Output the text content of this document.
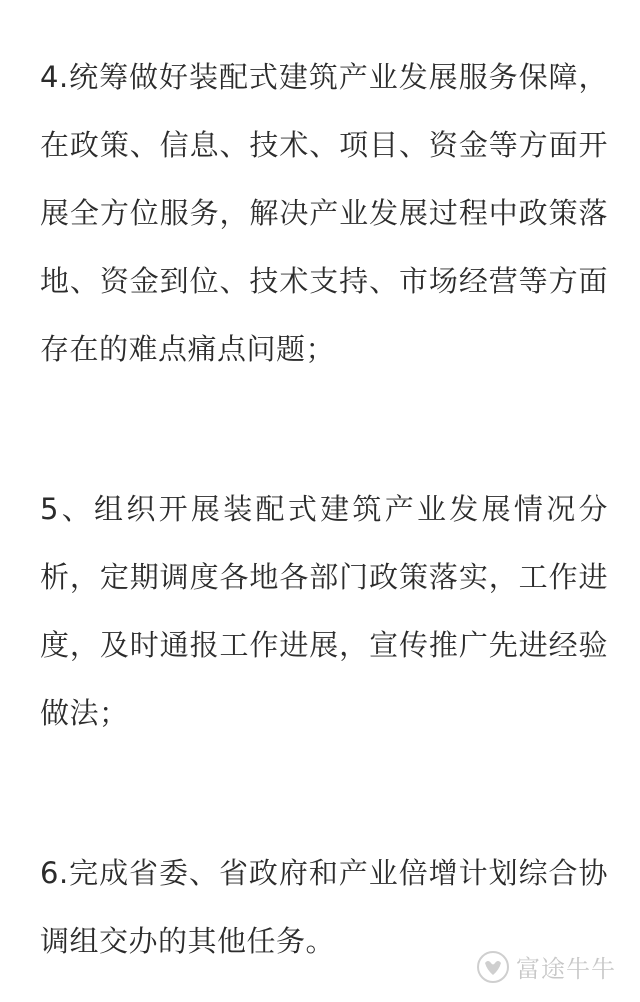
4.统筹做好装配式建筑产业发展服务保障，在政策、信息、技术、项目、资金等方面开展全方位服务，解决产业发展过程中政策落地、资金到位、技术支持、市场经营等方面存在的难点痛点问题；

5、组织开展装配式建筑产业发展情况分析，定期调度各地各部门政策落实，工作进度，及时通报工作进展，宣传推广先进经验做法；

6.完成省委、省政府和产业倍增计划综合协调组交办的其他任务。

富途牛牛
